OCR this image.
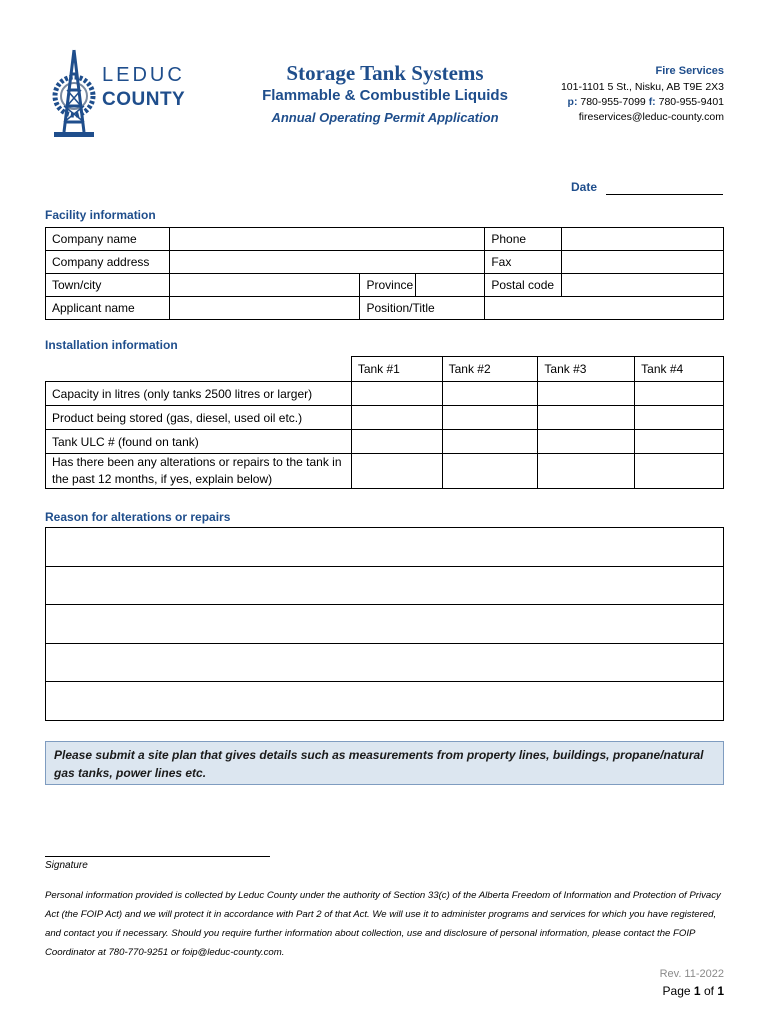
LEDUC
COUNTY
Storage Tank Systems
Flammable & Combustible Liquids
Annual Operating Permit Application
Fire Services
101-1101 5 St., Nisku, AB T9E 2X3
p: 780-955-7099 f: 780-955-9401
fireservices@leduc-county.com
Date
Facility information
Company name				Phone	
Company address				Fax	
Town/city		Province		Postal code	
Applicant name		Position/Title			
Installation information
	Tank #1	Tank #2	Tank #3	Tank #4
Capacity in litres (only tanks 2500 litres or larger)				
Product being stored (gas, diesel, used oil etc.)				
Tank ULC # (found on tank)				
Has there been any alterations or repairs to the tank in the past 12 months, if yes, explain below)				
Reason for alterations or repairs

Please submit a site plan that gives details such as measurements from property lines, buildings, propane/natural gas tanks, power lines etc.
Signature
Personal information provided is collected by Leduc County under the authority of Section 33(c) of the Alberta Freedom of Information and Protection of Privacy Act (the FOIP Act) and we will protect it in accordance with Part 2 of that Act. We will use it to administer programs and services for which you have registered, and contact you if necessary. Should you require further information about collection, use and disclosure of personal information, please contact the FOIP Coordinator at 780-770-9251 or foip@leduc-county.com.
Rev. 11-2022
Page 1 of 1
